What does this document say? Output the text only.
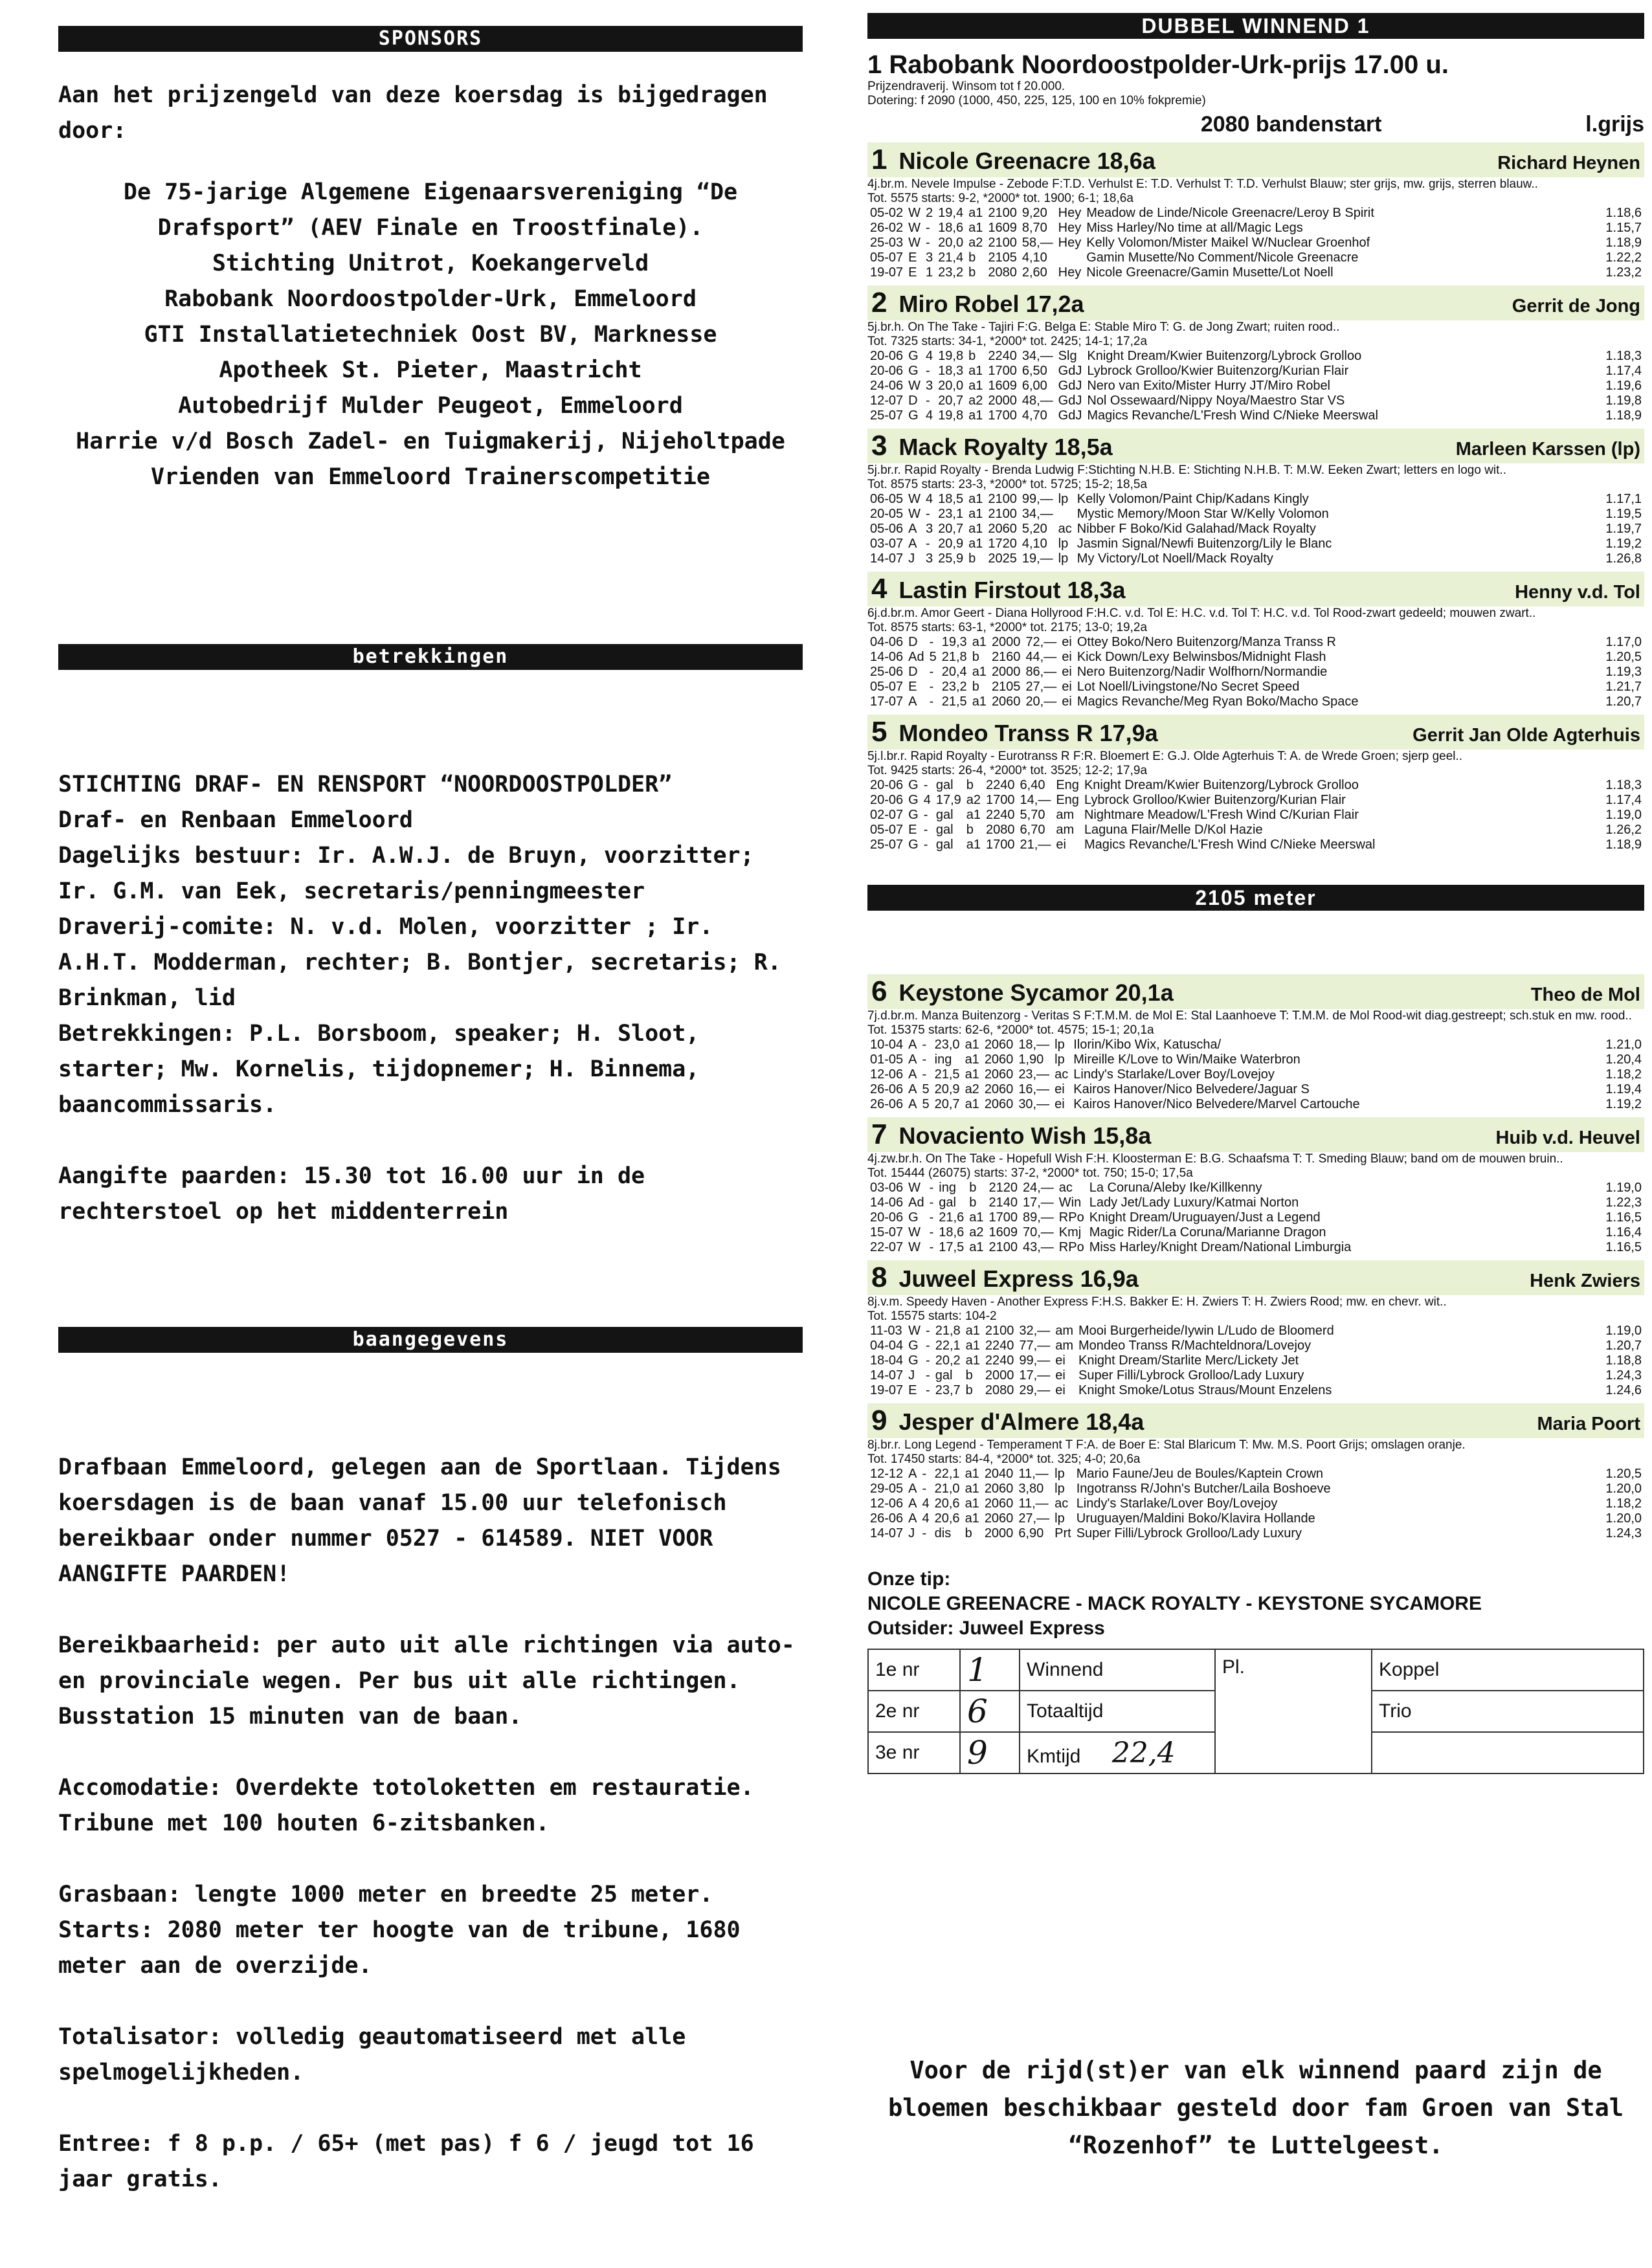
SPONSORS

Aan het prijzengeld van deze koersdag is bijgedragen door:

De 75-jarige Algemene Eigenaarsvereniging “De Drafsport” (AEV Finale en Troostfinale).

Stichting Unitrot, Koekangerveld

Rabobank Noordoostpolder-Urk, Emmeloord

GTI Installatietechniek Oost BV, Marknesse

Apotheek St. Pieter, Maastricht

Autobedrijf Mulder Peugeot, Emmeloord

Harrie v/d Bosch Zadel- en Tuigmakerij, Nijeholtpade

Vrienden van Emmeloord Trainerscompetitie

betrekkingen

STICHTING DRAF- EN RENSPORT “NOORDOOSTPOLDER”

Draf- en Renbaan Emmeloord

Dagelijks bestuur: Ir. A.W.J. de Bruyn, voorzitter; Ir. G.M. van Eek, secretaris/penningmeester

Draverij-comite: N. v.d. Molen, voorzitter ; Ir. A.H.T. Modderman, rechter; B. Bontjer, secretaris; R. Brinkman, lid

Betrekkingen: P.L. Borsboom, speaker; H. Sloot, starter; Mw. Kornelis, tijdopnemer; H. Binnema, baancommissaris.

Aangifte paarden: 15.30 tot 16.00 uur in de rechterstoel op het middenterrein

baangegevens

Drafbaan Emmeloord, gelegen aan de Sportlaan. Tijdens koersdagen is de baan vanaf 15.00 uur telefonisch bereikbaar onder nummer 0527 - 614589. NIET VOOR AANGIFTE PAARDEN!

Bereikbaarheid: per auto uit alle richtingen via auto- en provinciale wegen. Per bus uit alle richtingen. Busstation 15 minuten van de baan.

Accomodatie: Overdekte totoloketten em restauratie. Tribune met 100 houten 6-zitsbanken.

Grasbaan: lengte 1000 meter en breedte 25 meter. Starts: 2080 meter ter hoogte van de tribune, 1680 meter aan de overzijde.

Totalisator: volledig geautomatiseerd met alle spelmogelijkheden.

Entree: f 8 p.p. / 65+ (met pas) f 6 / jeugd tot 16 jaar gratis.

DUBBEL WINNEND 1
1 Rabobank Noordoostpolder-Urk-prijs 17.00 u.
Prijzendraverij. Winsom tot f 20.000.
Dotering: f 2090 (1000, 450, 225, 125, 100 en 10% fokpremie)
2080 bandenstart	l.grijs
1 Nicole Greenacre 18,6a	Richard Heynen
4j.br.m. Nevele Impulse - Zebode F:T.D. Verhulst E: T.D. Verhulst T: T.D. Verhulst Blauw; ster grijs, mw. grijs, sterren blauw..
Tot. 5575 starts: 9-2, *2000* tot. 1900; 6-1; 18,6a
05-02	W	2	19,4	a1	2100	9,20	Hey	Meadow de Linde/Nicole Greenacre/Leroy B Spirit	1.18,6
26-02	W	-	18,6	a1	1609	8,70	Hey	Miss Harley/No time at all/Magic Legs	1.15,7
25-03	W	-	20,0	a2	2100	58,—	Hey	Kelly Volomon/Mister Maikel W/Nuclear Groenhof	1.18,9
05-07	E	3	21,4	b	2105	4,10		Gamin Musette/No Comment/Nicole Greenacre	1.22,2
19-07	E	1	23,2	b	2080	2,60	Hey	Nicole Greenacre/Gamin Musette/Lot Noell	1.23,2
2 Miro Robel 17,2a	Gerrit de Jong
5j.br.h. On The Take - Tajiri F:G. Belga E: Stable Miro T: G. de Jong Zwart; ruiten rood..
Tot. 7325 starts: 34-1, *2000* tot. 2425; 14-1; 17,2a
20-06	G	4	19,8	b	2240	34,—	Slg	Knight Dream/Kwier Buitenzorg/Lybrock Grolloo	1.18,3
20-06	G	-	18,3	a1	1700	6,50	GdJ	Lybrock Grolloo/Kwier Buitenzorg/Kurian Flair	1.17,4
24-06	W	3	20,0	a1	1609	6,00	GdJ	Nero van Exito/Mister Hurry JT/Miro Robel	1.19,6
12-07	D	-	20,7	a2	2000	48,—	GdJ	Nol Ossewaard/Nippy Noya/Maestro Star VS	1.19,8
25-07	G	4	19,8	a1	1700	4,70	GdJ	Magics Revanche/L'Fresh Wind C/Nieke Meerswal	1.18,9
3 Mack Royalty 18,5a	Marleen Karssen (lp)
5j.br.r. Rapid Royalty - Brenda Ludwig F:Stichting N.H.B. E: Stichting N.H.B. T: M.W. Eeken Zwart; letters en logo wit..
Tot. 8575 starts: 23-3, *2000* tot. 5725; 15-2; 18,5a
06-05	W	4	18,5	a1	2100	99,—	lp	Kelly Volomon/Paint Chip/Kadans Kingly	1.17,1
20-05	W	-	23,1	a1	2100	34,—		Mystic Memory/Moon Star W/Kelly Volomon	1.19,5
05-06	A	3	20,7	a1	2060	5,20	ac	Nibber F Boko/Kid Galahad/Mack Royalty	1.19,7
03-07	A	-	20,9	a1	1720	4,10	lp	Jasmin Signal/Newfi Buitenzorg/Lily le Blanc	1.19,2
14-07	J	3	25,9	b	2025	19,—	lp	My Victory/Lot Noell/Mack Royalty	1.26,8
4 Lastin Firstout 18,3a	Henny v.d. Tol
6j.d.br.m. Amor Geert - Diana Hollyrood F:H.C. v.d. Tol E: H.C. v.d. Tol T: H.C. v.d. Tol Rood-zwart gedeeld; mouwen zwart..
Tot. 8575 starts: 63-1, *2000* tot. 2175; 13-0; 19,2a
04-06	D	-	19,3	a1	2000	72,—	ei	Ottey Boko/Nero Buitenzorg/Manza Transs R	1.17,0
14-06	Ad	5	21,8	b	2160	44,—	ei	Kick Down/Lexy Belwinsbos/Midnight Flash	1.20,5
25-06	D	-	20,4	a1	2000	86,—	ei	Nero Buitenzorg/Nadir Wolfhorn/Normandie	1.19,3
05-07	E	-	23,2	b	2105	27,—	ei	Lot Noell/Livingstone/No Secret Speed	1.21,7
17-07	A	-	21,5	a1	2060	20,—	ei	Magics Revanche/Meg Ryan Boko/Macho Space	1.20,7
5 Mondeo Transs R 17,9a	Gerrit Jan Olde Agterhuis
5j.l.br.r. Rapid Royalty - Eurotranss R F:R. Bloemert E: G.J. Olde Agterhuis T: A. de Wrede Groen; sjerp geel..
Tot. 9425 starts: 26-4, *2000* tot. 3525; 12-2; 17,9a
20-06	G	-	gal	b	2240	6,40	Eng	Knight Dream/Kwier Buitenzorg/Lybrock Grolloo	1.18,3
20-06	G	4	17,9	a2	1700	14,—	Eng	Lybrock Grolloo/Kwier Buitenzorg/Kurian Flair	1.17,4
02-07	G	-	gal	a1	2240	5,70	am	Nightmare Meadow/L'Fresh Wind C/Kurian Flair	1.19,0
05-07	E	-	gal	b	2080	6,70	am	Laguna Flair/Melle D/Kol Hazie	1.26,2
25-07	G	-	gal	a1	1700	21,—	ei	Magics Revanche/L'Fresh Wind C/Nieke Meerswal	1.18,9
2105 meter
6 Keystone Sycamor 20,1a	Theo de Mol
7j.d.br.m. Manza Buitenzorg - Veritas S F:T.M.M. de Mol E: Stal Laanhoeve T: T.M.M. de Mol Rood-wit diag.gestreept; sch.stuk en mw. rood..
Tot. 15375 starts: 62-6, *2000* tot. 4575; 15-1; 20,1a
10-04	A	-	23,0	a1	2060	18,—	lp	Ilorin/Kibo Wix, Katuscha/	1.21,0
01-05	A	-	ing	a1	2060	1,90	lp	Mireille K/Love to Win/Maike Waterbron	1.20,4
12-06	A	-	21,5	a1	2060	23,—	ac	Lindy's Starlake/Lover Boy/Lovejoy	1.18,2
26-06	A	5	20,9	a2	2060	16,—	ei	Kairos Hanover/Nico Belvedere/Jaguar S	1.19,4
26-06	A	5	20,7	a1	2060	30,—	ei	Kairos Hanover/Nico Belvedere/Marvel Cartouche	1.19,2
7 Novaciento Wish 15,8a	Huib v.d. Heuvel
4j.zw.br.h. On The Take - Hopefull Wish F:H. Kloosterman E: B.G. Schaafsma T: T. Smeding Blauw; band om de mouwen bruin..
Tot. 15444 (26075) starts: 37-2, *2000* tot. 750; 15-0; 17,5a
03-06	W	-	ing	b	2120	24,—	ac	La Coruna/Aleby Ike/Killkenny	1.19,0
14-06	Ad	-	gal	b	2140	17,—	Win	Lady Jet/Lady Luxury/Katmai Norton	1.22,3
20-06	G	-	21,6	a1	1700	89,—	RPo	Knight Dream/Uruguayen/Just a Legend	1.16,5
15-07	W	-	18,6	a2	1609	70,—	Kmj	Magic Rider/La Coruna/Marianne Dragon	1.16,4
22-07	W	-	17,5	a1	2100	43,—	RPo	Miss Harley/Knight Dream/National Limburgia	1.16,5
8 Juweel Express 16,9a	Henk Zwiers
8j.v.m. Speedy Haven - Another Express F:H.S. Bakker E: H. Zwiers T: H. Zwiers Rood; mw. en chevr. wit..
Tot. 15575 starts: 104-2
11-03	W	-	21,8	a1	2100	32,—	am	Mooi Burgerheide/Iywin L/Ludo de Bloomerd	1.19,0
04-04	G	-	22,1	a1	2240	77,—	am	Mondeo Transs R/Machteldnora/Lovejoy	1.20,7
18-04	G	-	20,2	a1	2240	99,—	ei	Knight Dream/Starlite Merc/Lickety Jet	1.18,8
14-07	J	-	gal	b	2000	17,—	ei	Super Filli/Lybrock Grolloo/Lady Luxury	1.24,3
19-07	E	-	23,7	b	2080	29,—	ei	Knight Smoke/Lotus Straus/Mount Enzelens	1.24,6
9 Jesper d'Almere 18,4a	Maria Poort
8j.br.r. Long Legend - Temperament T F:A. de Boer E: Stal Blaricum T: Mw. M.S. Poort Grijs; omslagen oranje.
Tot. 17450 starts: 84-4, *2000* tot. 325; 4-0; 20,6a
12-12	A	-	22,1	a1	2040	11,—	lp	Mario Faune/Jeu de Boules/Kaptein Crown	1.20,5
29-05	A	-	21,0	a1	2060	3,80	lp	Ingotranss R/John's Butcher/Laila Boshoeve	1.20,0
12-06	A	4	20,6	a1	2060	11,—	ac	Lindy's Starlake/Lover Boy/Lovejoy	1.18,2
26-06	A	4	20,6	a1	2060	27,—	lp	Uruguayen/Maldini Boko/Klavira Hollande	1.20,0
14-07	J	-	dis	b	2000	6,90	Prt	Super Filli/Lybrock Grolloo/Lady Luxury	1.24,3
Onze tip:
NICOLE GREENACRE - MACK ROYALTY - KEYSTONE SYCAMORE
Outsider: Juweel Express
1e nr	1	Winnend	Pl.	Koppel
2e nr	6	Totaaltijd		Trio
3e nr	9	Kmtijd 22,4		
Voor de rijd(st)er van elk winnend paard zijn de bloemen beschikbaar gesteld door fam Groen van Stal “Rozenhof” te Luttelgeest.
